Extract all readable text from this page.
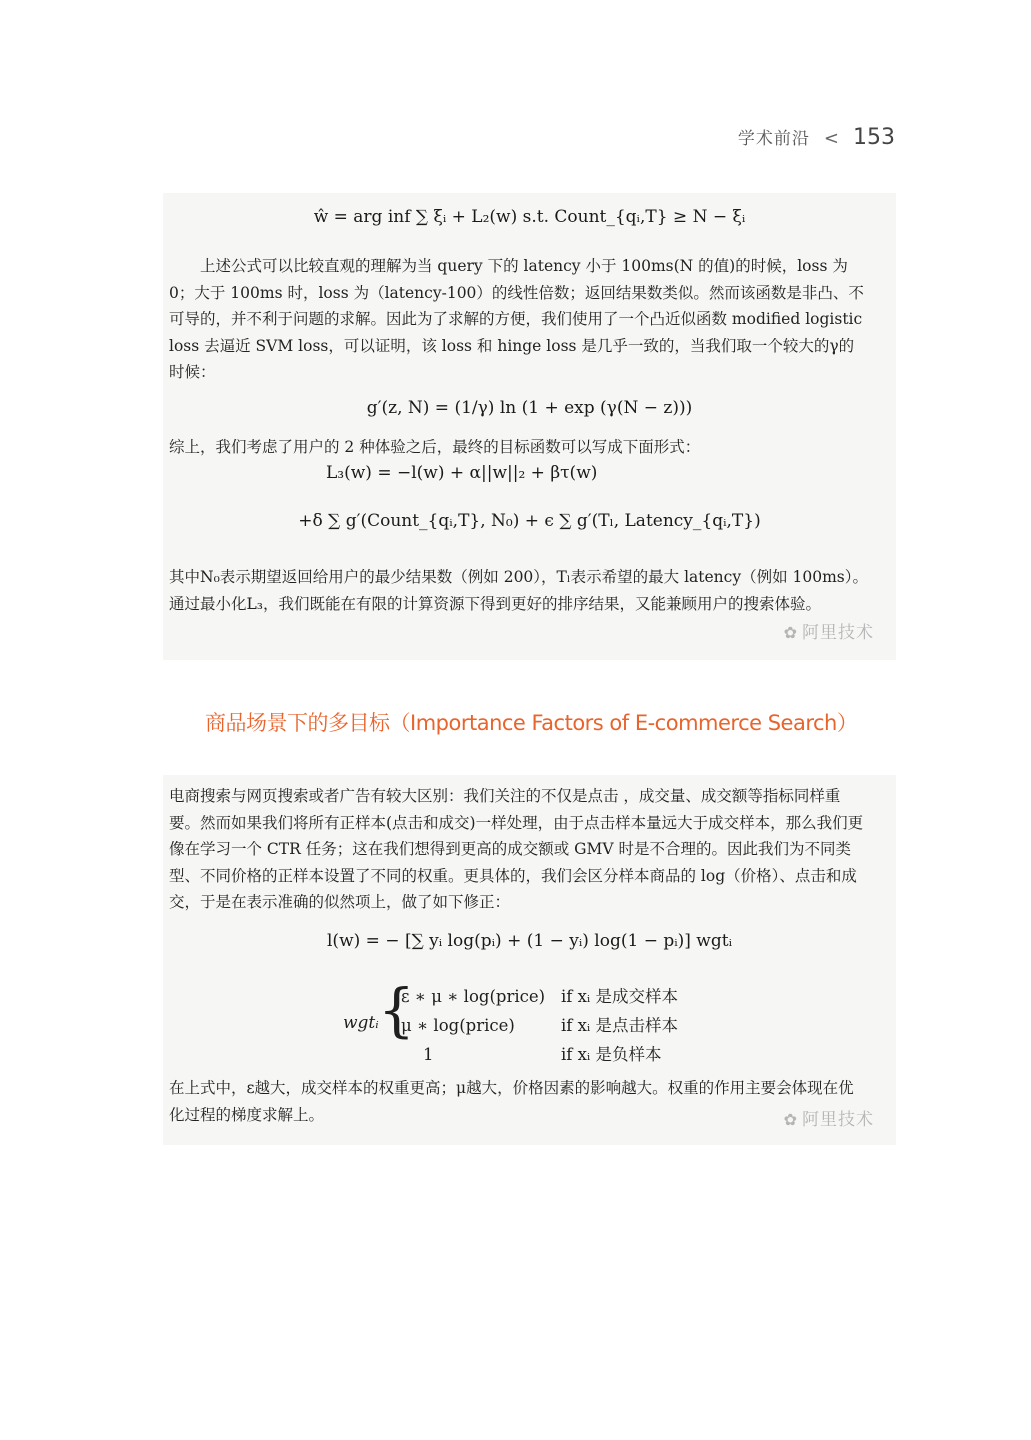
学术前沿 < 153
ŵ = arg inf ∑ ξᵢ + L₂(w) s.t. Count_{qᵢ,T} ≥ N − ξᵢ

上述公式可以比较直观的理解为当 query 下的 latency 小于 100ms(N 的值)的时候，loss 为 0；大于 100ms 时，loss 为（latency-100）的线性倍数；返回结果数类似。然而该函数是非凸、不可导的，并不利于问题的求解。因此为了求解的方便，我们使用了一个凸近似函数 modified logistic loss 去逼近 SVM loss，可以证明，该 loss 和 hinge loss 是几乎一致的，当我们取一个较大的γ的时候：

g′(z, N) = (1/γ) ln (1 + exp (γ(N − z)))

综上，我们考虑了用户的 2 种体验之后，最终的目标函数可以写成下面形式：

L₃(w) = −l(w) + α||w||₂ + βτ(w)
+δ ∑ g′(Count_{qᵢ,T}, N₀) + ϵ ∑ g′(Tₗ, Latency_{qᵢ,T})

其中N₀表示期望返回给用户的最少结果数（例如 200），Tₗ表示希望的最大 latency（例如 100ms）。通过最小化L₃，我们既能在有限的计算资源下得到更好的排序结果，又能兼顾用户的搜索体验。

✿ 阿里技术
商品场景下的多目标（Importance Factors of E-commerce Search）

电商搜索与网页搜索或者广告有较大区别：我们关注的不仅是点击 ，成交量、成交额等指标同样重要。然而如果我们将所有正样本(点击和成交)一样处理，由于点击样本量远大于成交样本，那么我们更像在学习一个 CTR 任务；这在我们想得到更高的成交额或 GMV 时是不合理的。因此我们为不同类型、不同价格的正样本设置了不同的权重。更具体的，我们会区分样本商品的 log（价格）、点击和成交，于是在表示准确的似然项上，做了如下修正：

l(w) = − [∑ yᵢ log(pᵢ) + (1 − yᵢ) log(1 − pᵢ)] wgtᵢ
wgtᵢ {
ε ∗ μ ∗ log(price) if xᵢ 是成交样本
μ ∗ log(price)	if xᵢ 是点击样本
1	if xᵢ 是负样本

在上式中，ε越大，成交样本的权重更高；μ越大，价格因素的影响越大。权重的作用主要会体现在优化过程的梯度求解上。	✿ 阿里技术
